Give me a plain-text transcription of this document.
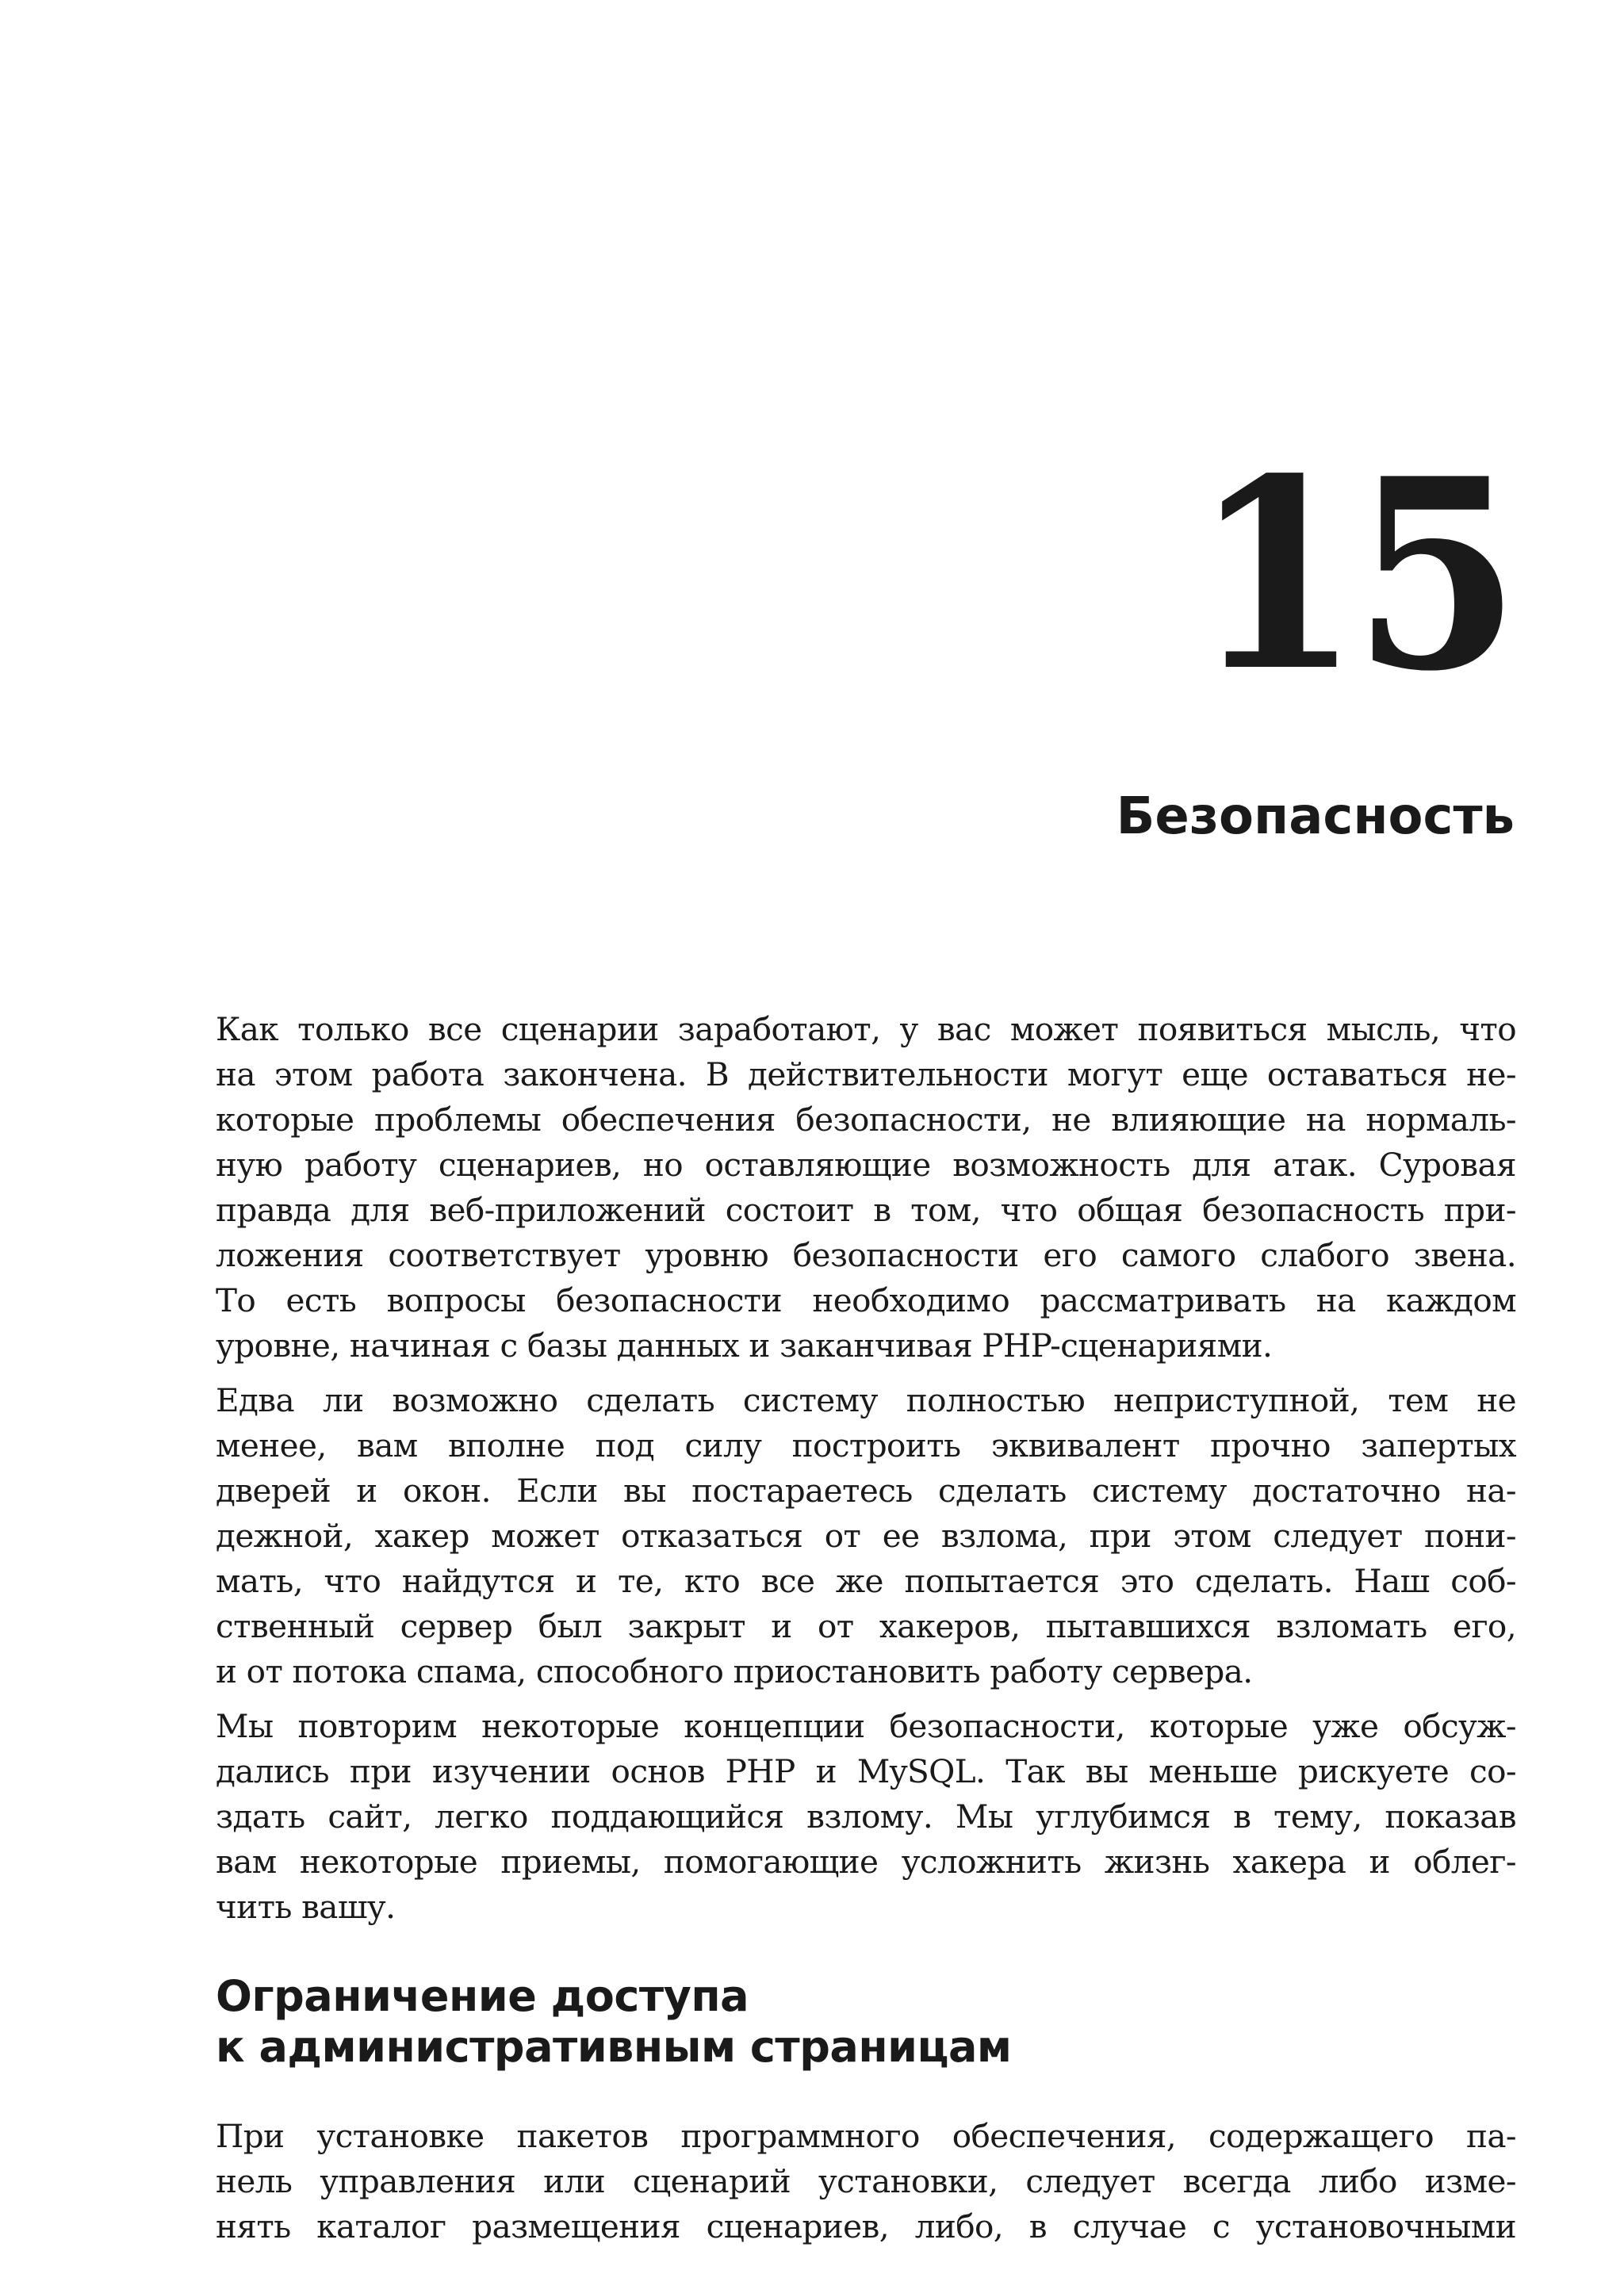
15
Безопасность

Как только все сценарии заработают, у вас может появиться мысль, что
на этом работа закончена. В действительности могут еще оставаться не-
которые проблемы обеспечения безопасности, не влияющие на нормаль-
ную работу сценариев, но оставляющие возможность для атак. Суровая
правда для веб-приложений состоит в том, что общая безопасность при-
ложения соответствует уровню безопасности его самого слабого звена.
То есть вопросы безопасности необходимо рассматривать на каждом
уровне, начиная с базы данных и заканчивая PHP-сценариями.

Едва ли возможно сделать систему полностью неприступной, тем не
менее, вам вполне под силу построить эквивалент прочно запертых
дверей и окон. Если вы постараетесь сделать систему достаточно на-
дежной, хакер может отказаться от ее взлома, при этом следует пони-
мать, что найдутся и те, кто все же попытается это сделать. Наш соб-
ственный сервер был закрыт и от хакеров, пытавшихся взломать его,
и от потока спама, способного приостановить работу сервера.

Мы повторим некоторые концепции безопасности, которые уже обсуж-
дались при изучении основ PHP и MySQL. Так вы меньше рискуете со-
здать сайт, легко поддающийся взлому. Мы углубимся в тему, показав
вам некоторые приемы, помогающие усложнить жизнь хакера и облег-
чить вашу.

Ограничение доступа
к административным страницам

При установке пакетов программного обеспечения, содержащего па-
нель управления или сценарий установки, следует всегда либо изме-
нять каталог размещения сценариев, либо, в случае с установочными
